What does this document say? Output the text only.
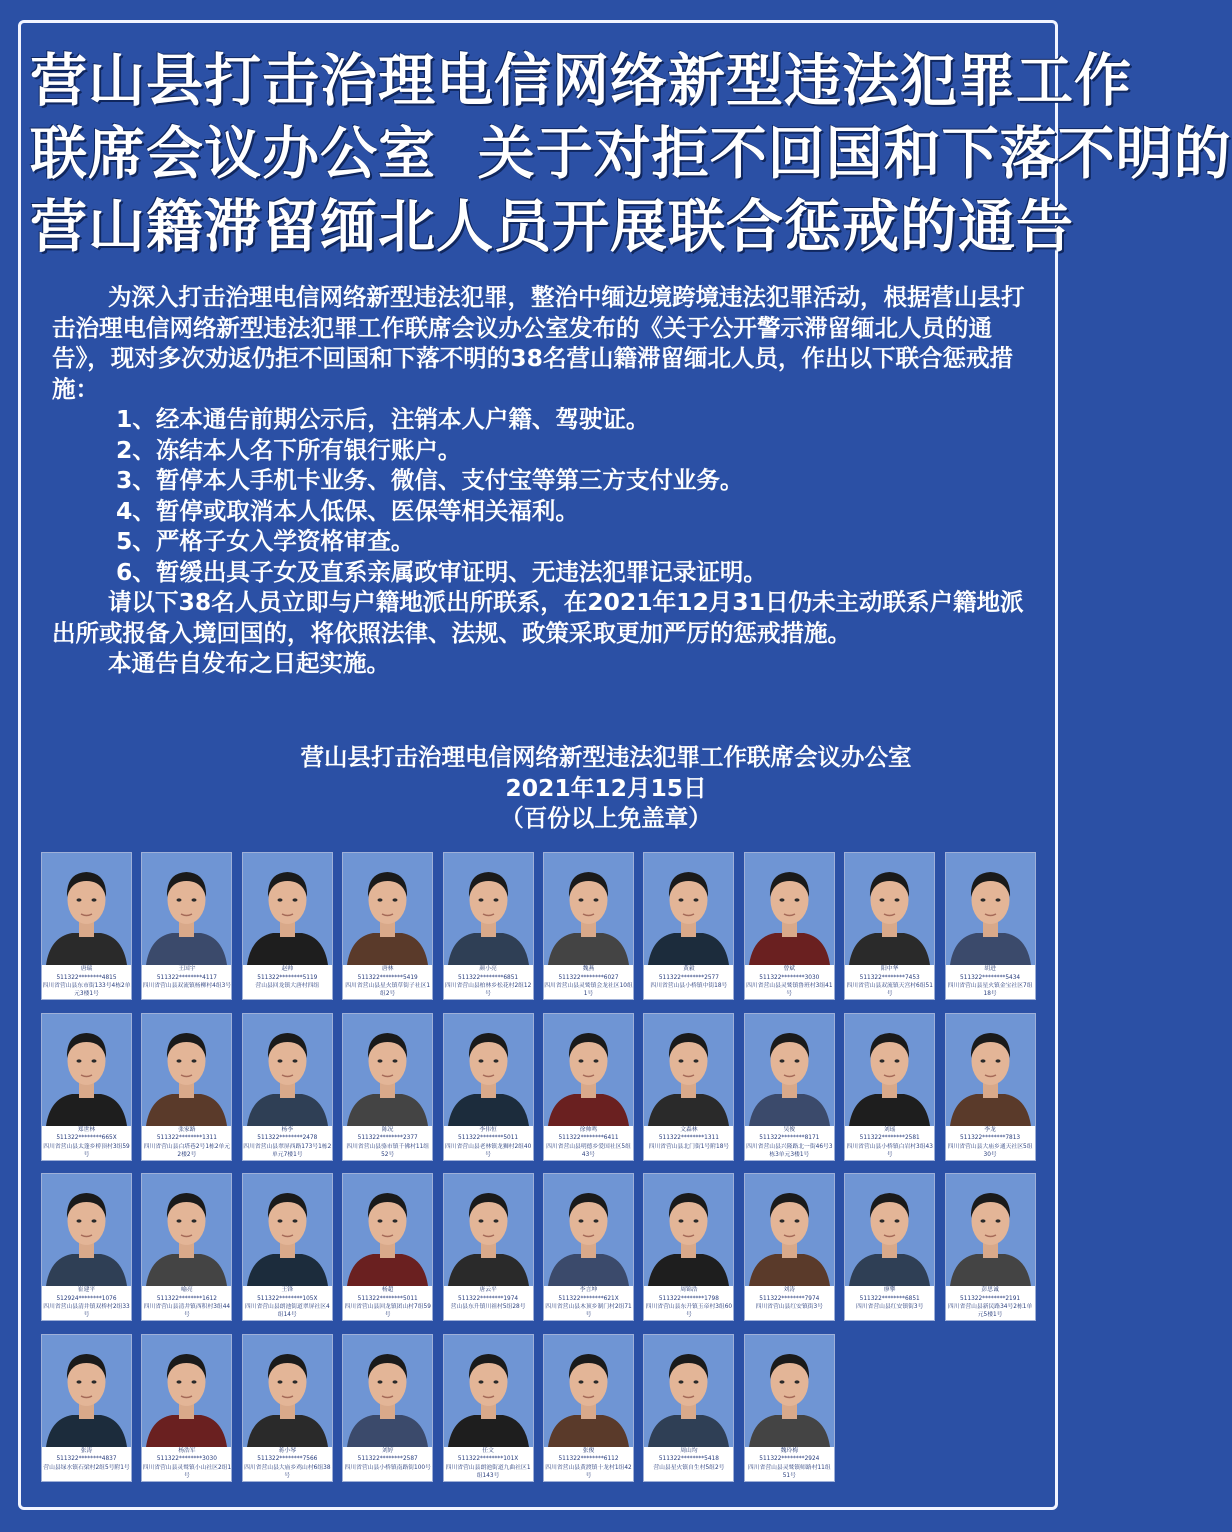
营山县打击治理电信网络新型违法犯罪工作
联席会议办公室  关于对拒不回国和下落不明的
营山籍滞留缅北人员开展联合惩戒的通告

为深入打击治理电信网络新型违法犯罪，整治中缅边境跨境违法犯罪活动，根据营山县打击治理电信网络新型违法犯罪工作联席会议办公室发布的《关于公开警示滞留缅北人员的通告》，现对多次劝返仍拒不回国和下落不明的38名营山籍滞留缅北人员，作出以下联合惩戒措施：

1、经本通告前期公示后，注销本人户籍、驾驶证。

2、冻结本人名下所有银行账户。

3、暂停本人手机卡业务、微信、支付宝等第三方支付业务。

4、暂停或取消本人低保、医保等相关福利。

5、严格子女入学资格审查。

6、暂缓出具子女及直系亲属政审证明、无违法犯罪记录证明。

请以下38名人员立即与户籍地派出所联系，在2021年12月31日仍未主动联系户籍地派出所或报备入境回国的，将依照法律、法规、政策采取更加严厉的惩戒措施。

本通告自发布之日起实施。

营山县打击治理电信网络新型违法犯罪工作联席会议办公室
2021年12月15日
（百份以上免盖章）
唐瑞
511322********4815
四川省营山县东市街133号4栋2单元3楼1号
王国宇
511322********4117
四川省营山县双流镇杨柳村4组3号
赵帅
511322********5119
营山县回龙镇大唐村四组
唐林
511322********5419
四川省营山县星火镇草街子社区1组2号
颜小亮
511322********6851
四川省营山县柏林乡松花村2组12号
魏燕
511322********6027
四川省营山县灵鹫镇会龙社区10组1号
黄毅
511322********2577
四川省营山县小桥镇中街18号
曾斌
511322********3030
四川省营山县灵鹫镇鲁班村3组41号
阳中华
511322********7453
四川省营山县双流镇天宫村6组51号
胡进
511322********5434
四川省营山县星火镇金宝社区7组18号
郑世林
511322********665X
四川省营山县太蓬乡桥顶村3组59号
张家路
511322********1311
四川省营山县白塔巷2号1栋2单元2楼2号
杨李
511322********2478
四川省营山县翠屏西路173号1栋2单元7楼1号
陈况
511322********2377
四川省营山县骆市镇千佛村11组52号
李伟恒
511322********5011
四川省营山县老林镇龙狮村2组40号
徐帅鸣
511322********6411
四川省营山县明德乡爱国社区5组43号
文森林
511322********1311
四川省营山县北门街1号附18号
吴俊
511322********8171
四川省营山县兴隆路北一街46号3栋3单元3楼1号
刘瑶
511322********2581
四川省营山县小桥镇白岩村3组43号
李龙
511322********7813
四川省营山县大庙乡通天社区5组30号
崔建平
512924********1076
四川省营山县清井镇双桥村2组33号
喻亮
511322********1612
四川省营山县清井镇西积村3组44号
王锋
511322********105X
四川省营山县朗池街道翠屏社区4组14号
杨超
511322********5011
四川省营山县回龙镇团山村7组59号
唐云平
511322********1974
营山县东升镇川祖村5组28号
李言坤
511322********621X
四川省营山县木顶乡制门村2组71号
周锦浩
511322********1798
四川省营山县东升镇玉帝村3组60号
刘涛
511322********7974
四川省营山县红安镇街3号
廖攀
511322********6851
四川省营山县红安镇街3号
彭思诚
511322********2191
四川省营山县新民路34号2栋1单元5楼1号
张涛
511322********4837
营山县绿水镇石梁村2组5号附1号
杨浩军
511322********3030
四川省营山县灵鹫镇小山社区2组1号
蒋小琴
511322********7566
四川省营山县大庙乡鸡山村6组38号
刘婷
511322********2587
四川省营山县小桥镇南路街100号
任文
511322********101X
四川省营山县朗池街道九曲社区1组143号
张俊
511322********6112
四川省营山县黄渡镇十龙村1组42号
周山均
511322********5418
营山县星火镇自生村5组2号
魏玲梅
511322********2924
四川省营山县灵鹫镇师路村11组51号
